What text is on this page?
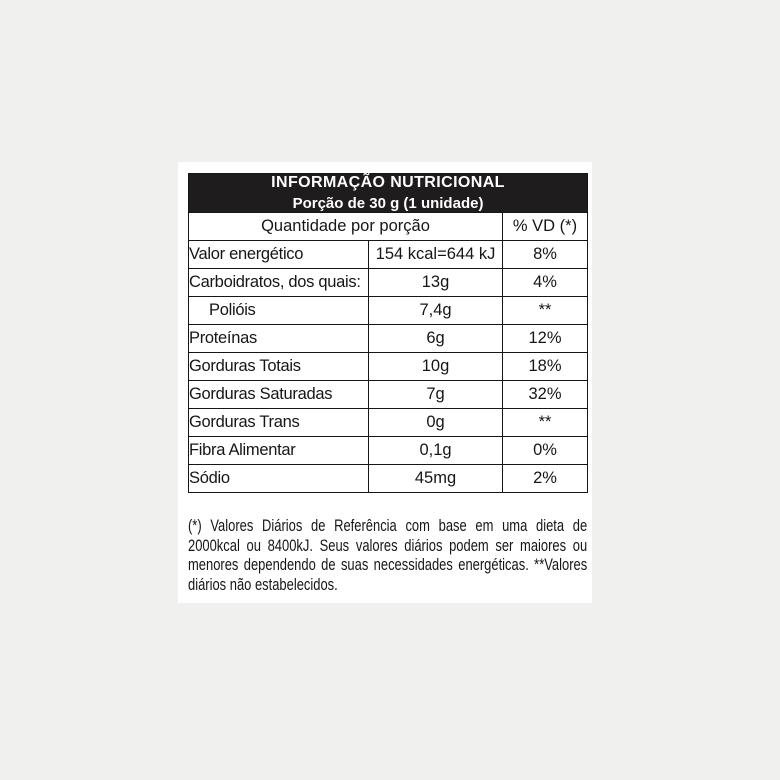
INFORMAÇÃO NUTRICIONAL
Porção de 30 g (1 unidade)		

Quantidade por porção		% VD (*)
Valor energético	154 kcal=644 kJ	8%
Carboidratos, dos quais:	13g	4%
Polióis	7,4g	**
Proteínas	6g	12%
Gorduras Totais	10g	18%
Gorduras Saturadas	7g	32%
Gorduras Trans	0g	**
Fibra Alimentar	0,1g	0%
Sódio	45mg	2%
(*) Valores Diários de Referência com base em uma dieta de
2000kcal ou 8400kJ. Seus valores diários podem ser maiores ou
menores dependendo de suas necessidades energéticas. **Valores
diários não estabelecidos.
